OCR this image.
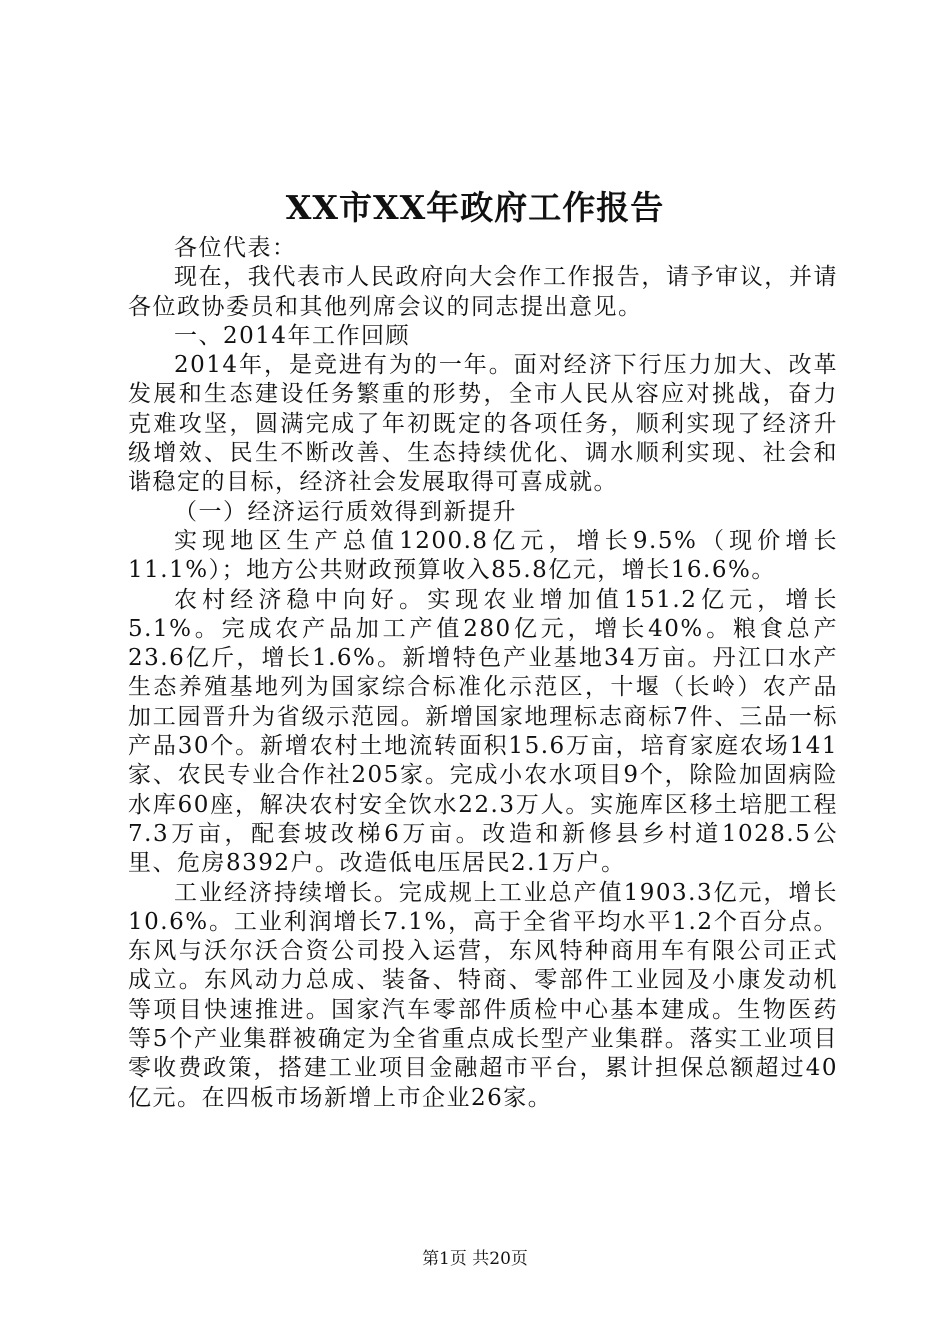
XX市XX年政府工作报告

各位代表：

现在，我代表市人民政府向大会作工作报告，请予审议，并请各位政协委员和其他列席会议的同志提出意见。

一、2014年工作回顾

2014年，是竞进有为的一年。面对经济下行压力加大、改革发展和生态建设任务繁重的形势，全市人民从容应对挑战，奋力克难攻坚，圆满完成了年初既定的各项任务，顺利实现了经济升级增效、民生不断改善、生态持续优化、调水顺利实现、社会和谐稳定的目标，经济社会发展取得可喜成就。

（一）经济运行质效得到新提升

实现地区生产总值1200.8亿元，增长9.5%（现价增长11.1%）；地方公共财政预算收入85.8亿元，增长16.6%。

农村经济稳中向好。实现农业增加值151.2亿元，增长5.1%。完成农产品加工产值280亿元，增长40%。粮食总产23.6亿斤，增长1.6%。新增特色产业基地34万亩。丹江口水产生态养殖基地列为国家综合标准化示范区，十堰（长岭）农产品加工园晋升为省级示范园。新增国家地理标志商标7件、三品一标产品30个。新增农村土地流转面积15.6万亩，培育家庭农场141家、农民专业合作社205家。完成小农水项目9个，除险加固病险水库60座，解决农村安全饮水22.3万人。实施库区移土培肥工程7.3万亩，配套坡改梯6万亩。改造和新修县乡村道1028.5公里、危房8392户。改造低电压居民2.1万户。

工业经济持续增长。完成规上工业总产值1903.3亿元，增长10.6%。工业利润增长7.1%，高于全省平均水平1.2个百分点。东风与沃尔沃合资公司投入运营，东风特种商用车有限公司正式成立。东风动力总成、装备、特商、零部件工业园及小康发动机等项目快速推进。国家汽车零部件质检中心基本建成。生物医药等5个产业集群被确定为全省重点成长型产业集群。落实工业项目零收费政策，搭建工业项目金融超市平台，累计担保总额超过40亿元。在四板市场新增上市企业26家。

第1页 共20页
